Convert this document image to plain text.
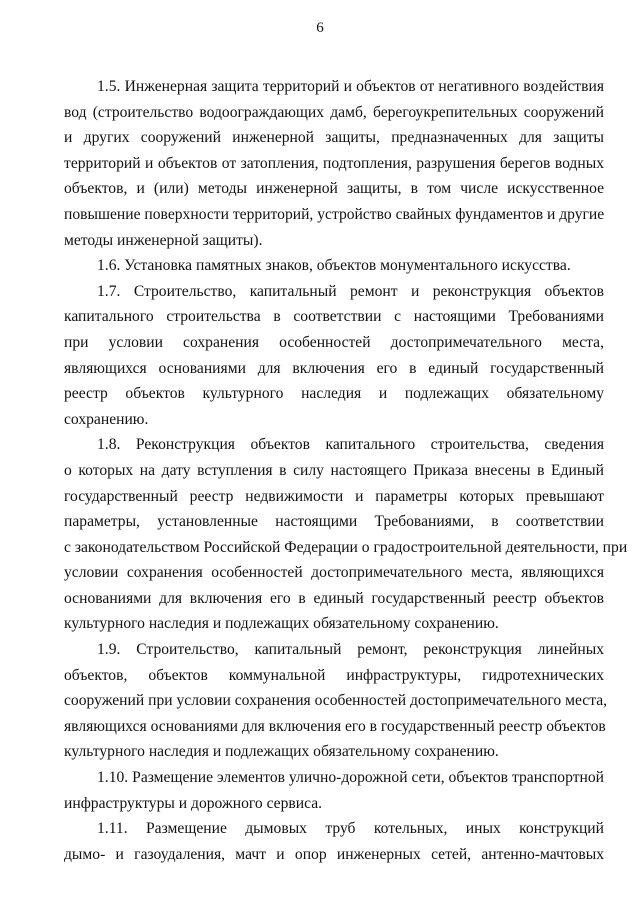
6

1.5. Инженерная защита территорий и объектов от негативного воздействия
вод (строительство водоограждающих дамб, берегоукрепительных сооружений
и других сооружений инженерной защиты, предназначенных для защиты
территорий и объектов от затопления, подтопления, разрушения берегов водных
объектов, и (или) методы инженерной защиты, в том числе искусственное
повышение поверхности территорий, устройство свайных фундаментов и другие
методы инженерной защиты).

1.6. Установка памятных знаков, объектов монументального искусства.

1.7. Строительство, капитальный ремонт и реконструкция объектов
капитального строительства в соответствии с настоящими Требованиями
при условии сохранения особенностей достопримечательного места,
являющихся основаниями для включения его в единый государственный
реестр объектов культурного наследия и подлежащих обязательному
сохранению.

1.8. Реконструкция объектов капитального строительства, сведения
о которых на дату вступления в силу настоящего Приказа внесены в Единый
государственный реестр недвижимости и параметры которых превышают
параметры, установленные настоящими Требованиями, в соответствии
с законодательством Российской Федерации о градостроительной деятельности, при
условии сохранения особенностей достопримечательного места, являющихся
основаниями для включения его в единый государственный реестр объектов
культурного наследия и подлежащих обязательному сохранению.

1.9. Строительство, капитальный ремонт, реконструкция линейных
объектов, объектов коммунальной инфраструктуры, гидротехнических
сооружений при условии сохранения особенностей достопримечательного места,
являющихся основаниями для включения его в государственный реестр объектов
культурного наследия и подлежащих обязательному сохранению.

1.10. Размещение элементов улично-дорожной сети, объектов транспортной
инфраструктуры и дорожного сервиса.

1.11. Размещение дымовых труб котельных, иных конструкций
дымо- и газоудаления, мачт и опор инженерных сетей, антенно-мачтовых
